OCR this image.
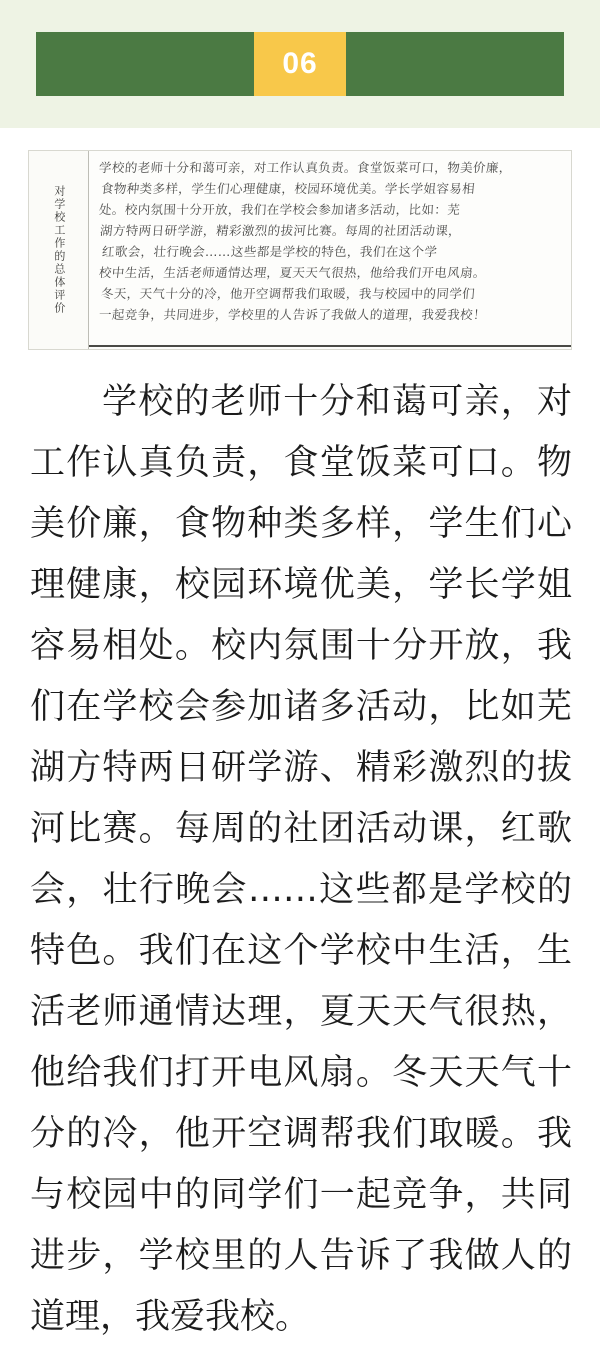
06
对学校工作的总体评价
学校的老师十分和蔼可亲，对工作认真负责。食堂饭菜可口，物美价廉，
食物种类多样，学生们心理健康，校园环境优美。学长学姐容易相
处。校内氛围十分开放，我们在学校会参加诸多活动，比如：芜
湖方特两日研学游，精彩激烈的拔河比赛。每周的社团活动课，
红歌会，壮行晚会……这些都是学校的特色，我们在这个学
校中生活，生活老师通情达理，夏天天气很热，他给我们开电风扇。
冬天，天气十分的冷，他开空调帮我们取暖，我与校园中的同学们
一起竞争，共同进步，学校里的人告诉了我做人的道理，我爱我校！
学校的老师十分和蔼可亲，对工作认真负责，食堂饭菜可口。物美价廉，食物种类多样，学生们心理健康，校园环境优美，学长学姐容易相处。校内氛围十分开放，我们在学校会参加诸多活动，比如芜湖方特两日研学游、精彩激烈的拔河比赛。每周的社团活动课，红歌会，壮行晚会……这些都是学校的特色。我们在这个学校中生活，生活老师通情达理，夏天天气很热，他给我们打开电风扇。冬天天气十分的冷，他开空调帮我们取暖。我与校园中的同学们一起竞争，共同进步，学校里的人告诉了我做人的道理，我爱我校。
